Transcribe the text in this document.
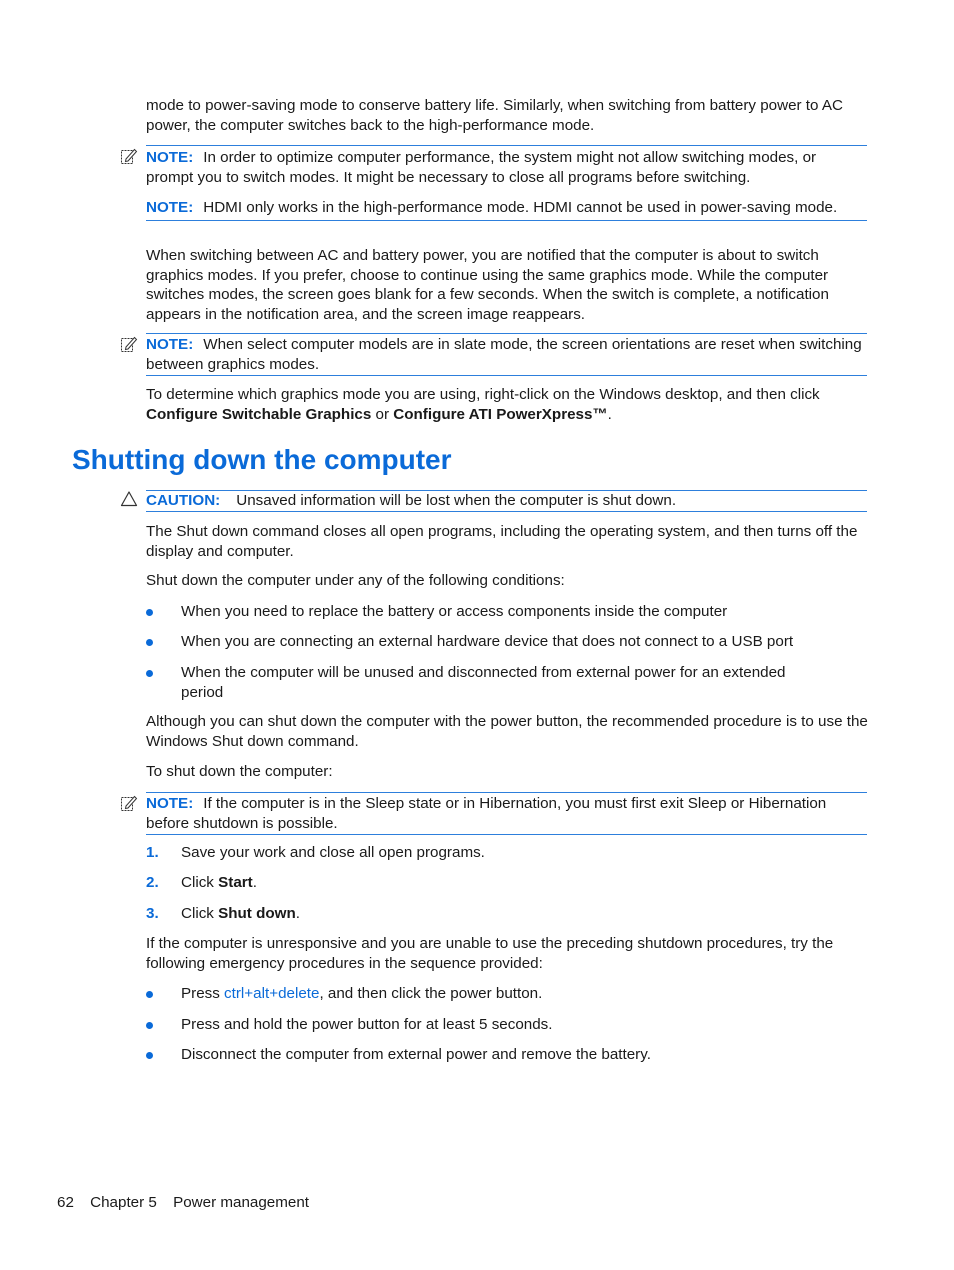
mode to power-saving mode to conserve battery life. Similarly, when switching from battery power to AC power, the computer switches back to the high-performance mode.

NOTE: In order to optimize computer performance, the system might not allow switching modes, or prompt you to switch modes. It might be necessary to close all programs before switching.

NOTE: HDMI only works in the high-performance mode. HDMI cannot be used in power-saving mode.

When switching between AC and battery power, you are notified that the computer is about to switch graphics modes. If you prefer, choose to continue using the same graphics mode. While the computer switches modes, the screen goes blank for a few seconds. When the switch is complete, a notification appears in the notification area, and the screen image reappears.

NOTE: When select computer models are in slate mode, the screen orientations are reset when switching between graphics modes.

To determine which graphics mode you are using, right-click on the Windows desktop, and then click Configure Switchable Graphics or Configure ATI PowerXpress™.

Shutting down the computer

CAUTION: Unsaved information will be lost when the computer is shut down.

The Shut down command closes all open programs, including the operating system, and then turns off the display and computer.

Shut down the computer under any of the following conditions:

When you need to replace the battery or access components inside the computer

When you are connecting an external hardware device that does not connect to a USB port

When the computer will be unused and disconnected from external power for an extended period

Although you can shut down the computer with the power button, the recommended procedure is to use the Windows Shut down command.

To shut down the computer:

NOTE: If the computer is in the Sleep state or in Hibernation, you must first exit Sleep or Hibernation before shutdown is possible.

1. Save your work and close all open programs.

2. Click Start.

3. Click Shut down.

If the computer is unresponsive and you are unable to use the preceding shutdown procedures, try the following emergency procedures in the sequence provided:

Press ctrl+alt+delete, and then click the power button.

Press and hold the power button for at least 5 seconds.

Disconnect the computer from external power and remove the battery.

62 Chapter 5 Power management
